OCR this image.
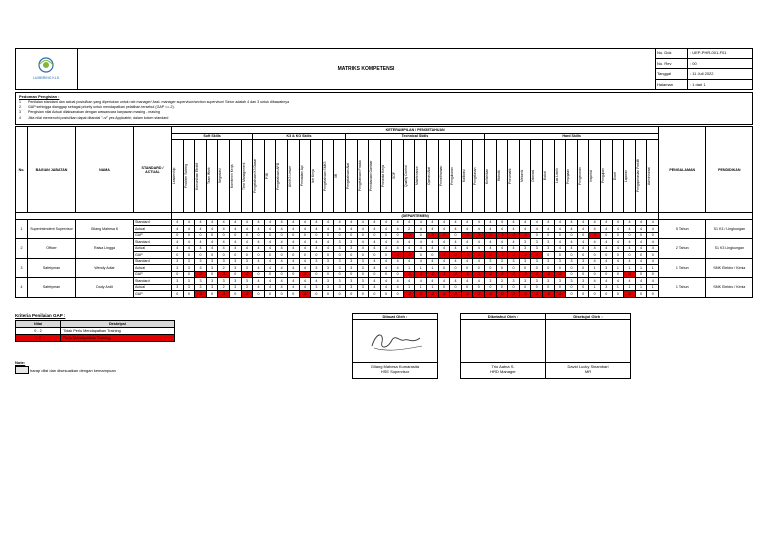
LUMBRING KLS
MATRIKS KOMPETENSI
No. Dok	: UEP-PHR-001-F01
No. Rev	: 00
Tanggal	: 11 Juli 2022
Halaman	: 1 dari 1
Pedoman Pengisian :
1 Penilaian standard dan actual posisi/kan yang diperlukan untuk role manager/ Asst. manager supervisor/section supervisor/ Sinior adalah 4 dan 3 untuk dibawahnya
2 GAP sehingga dianggap sebagai priority untuk mendapatkan pelatihan tersebut (GAP <=-2).
3 Pengisian nilai Actual dilaksanakan dengan wawancara karyawan masing - masing
4 Jika nilai memenuhi posisi/kan dapat ditandai "-n/" yes Appicable; dalam kolom standard
No.	BAGIAN JABATAN	NAMA	STANDARD / ACTUAL	KETERAMPILAN / PENGETAHUAN																																										PENGALAMAN	PENDIDIKAN
				Soft Skills							K3 & KO Skills								Technical Skills												Hard Skills																

				Leadership	Problem Solving	Komunikasi Efektif	Team Work	Negosiasi	Komitmen Kerja	Time Management	Pengetahuan K3 Dasar	P3K	Pengetahuan APD	Ahli K3 Umum	Pemadam Api	Izin Kerja	Pengetahuan SMK3	5R	Pengetahuan Alat	Pengetahuan Produk	Pembacaan Gambar	Prosedur Kerja	SOP	Quality Control	Maintenance	Operasi Alat	Pemeliharaan	Pengukuran	Kalibrasi	Pengelasan	Kelistrikan	Hidrolik	Pneumatik	Mekanik	Otomasi	Bubut	Las Listrik	Perpipaan	Pengecoran	Inspeksi	Pengujian	Excel	Laporan	Pengoperasian Forklift	Administrasi		

				(DEPARTEMEN)																																											
1	Superintendent Supervisor	Gilang Mahesa K	Standard	4	4	4	4	4	4	4	4	4	4	4	4	4	4	4	4	4	4	4	4	4	4	4	4	4	4	4	4	4	4	4	4	4	4	4	4	4	4	4	4	4	4	5 Tahun	S1 K3 / Lingkungan
			Actual	4	4	4	4	4	4	4	4	4	4	4	4	4	4	4	4	4	4	4	4	2	4	4	4	4	4	4	4	4	4	4	4	4	4	4	4	4	4	4	4	4	4		
			GAP	0	0	0	0	0	0	0	0	0	0	0	0	0	0	0	0	0	0	0	0	-2	0	-2	-2	0	-2	-2	-2	-2	-2	-2	0	0	0	0	0	-2	0	0	0	0	0		
2	Officer	Raisa Lingga	Standard	4	4	4	4	4	4	4	4	4	4	4	4	4	4	3	3	4	4	4	4	4	4	4	4	4	4	4	4	4	4	3	3	3	4	4	4	4	4	4	4	4	4	2 Tahun	S1 K3 Lingkungan
			Actual	4	4	4	4	4	4	4	4	4	4	4	4	4	4	3	3	4	4	4	4	4	4	4	4	4	4	4	4	4	4	3	3	3	4	4	4	4	4	4	4	4	4		
			GAP	0	0	0	0	0	0	0	0	0	0	0	0	0	0	0	0	0	0	0	-2	-2	0	0	-2	-2	-2	-2	-2	-2	-2	-2	-2	0	0	0	0	0	0	0	0	0	0		
3	Safetyman	Wendy Adiar	Standard	3	3	3	3	3	3	3	4	4	4	4	4	3	3	3	3	3	4	4	4	4	4	4	4	4	4	4	3	3	3	3	3	3	3	3	3	4	4	4	4	4	4	1 Tahun	SMK Elektro / Kimia
			Actual	3	3	3	3	2	3	3	4	4	4	4	4	3	3	3	3	3	4	4	4	1	1	1	0	0	0	0	0	0	0	0	0	0	0	0	0	1	3	1	1	1	1		
			GAP	0	0	-2	0	-2	0	-2	0	0	0	0	-2	0	0	0	0	0	0	0	0	-2	-2	-2	-2	-2	-2	-2	-2	-2	-2	-2	-2	-2	-2	0	0	0	0	0	-2	0	0		
4	Safetyman	Dody Ardit	Standard	3	3	3	3	3	3	3	4	4	4	4	4	4	3	3	3	3	4	4	4	4	4	4	4	4	4	4	3	3	3	3	3	3	3	3	3	4	4	4	4	4	4	1 Tahun	SMK Elektro / Kimia
			Actual	3	3	3	3	2	3	3	4	4	4	4	4	3	3	3	3	3	4	4	4	1	1	1	0	0	0	0	0	0	0	0	0	0	0	0	0	1	3	1	1	1	1		
			GAP	0	0	-2	0	-2	0	-2	0	0	0	0	-2	0	0	0	0	0	0	0	0	-2	-2	-2	-2	-2	-2	-2	-2	-2	-2	-2	-2	-2	-2	0	0	0	0	0	-2	0	0		
Kriteria Penilaian GAP :
Nilai	Deskripsi
0 - 2	Tidak Perlu Mendapatkan Training
> 2	Perlu Mendapatkan Training
Note:
harap diisi dan disesuaikan dengan kemampuan
Dibuat Oleh :
Gilang Mahesa Kumarasita
HSE Supervisor
Diketahui Oleh :
Trio Aatna S.
HRD Manager
Disetujui Oleh :
David Lucky Sinambari
MR
